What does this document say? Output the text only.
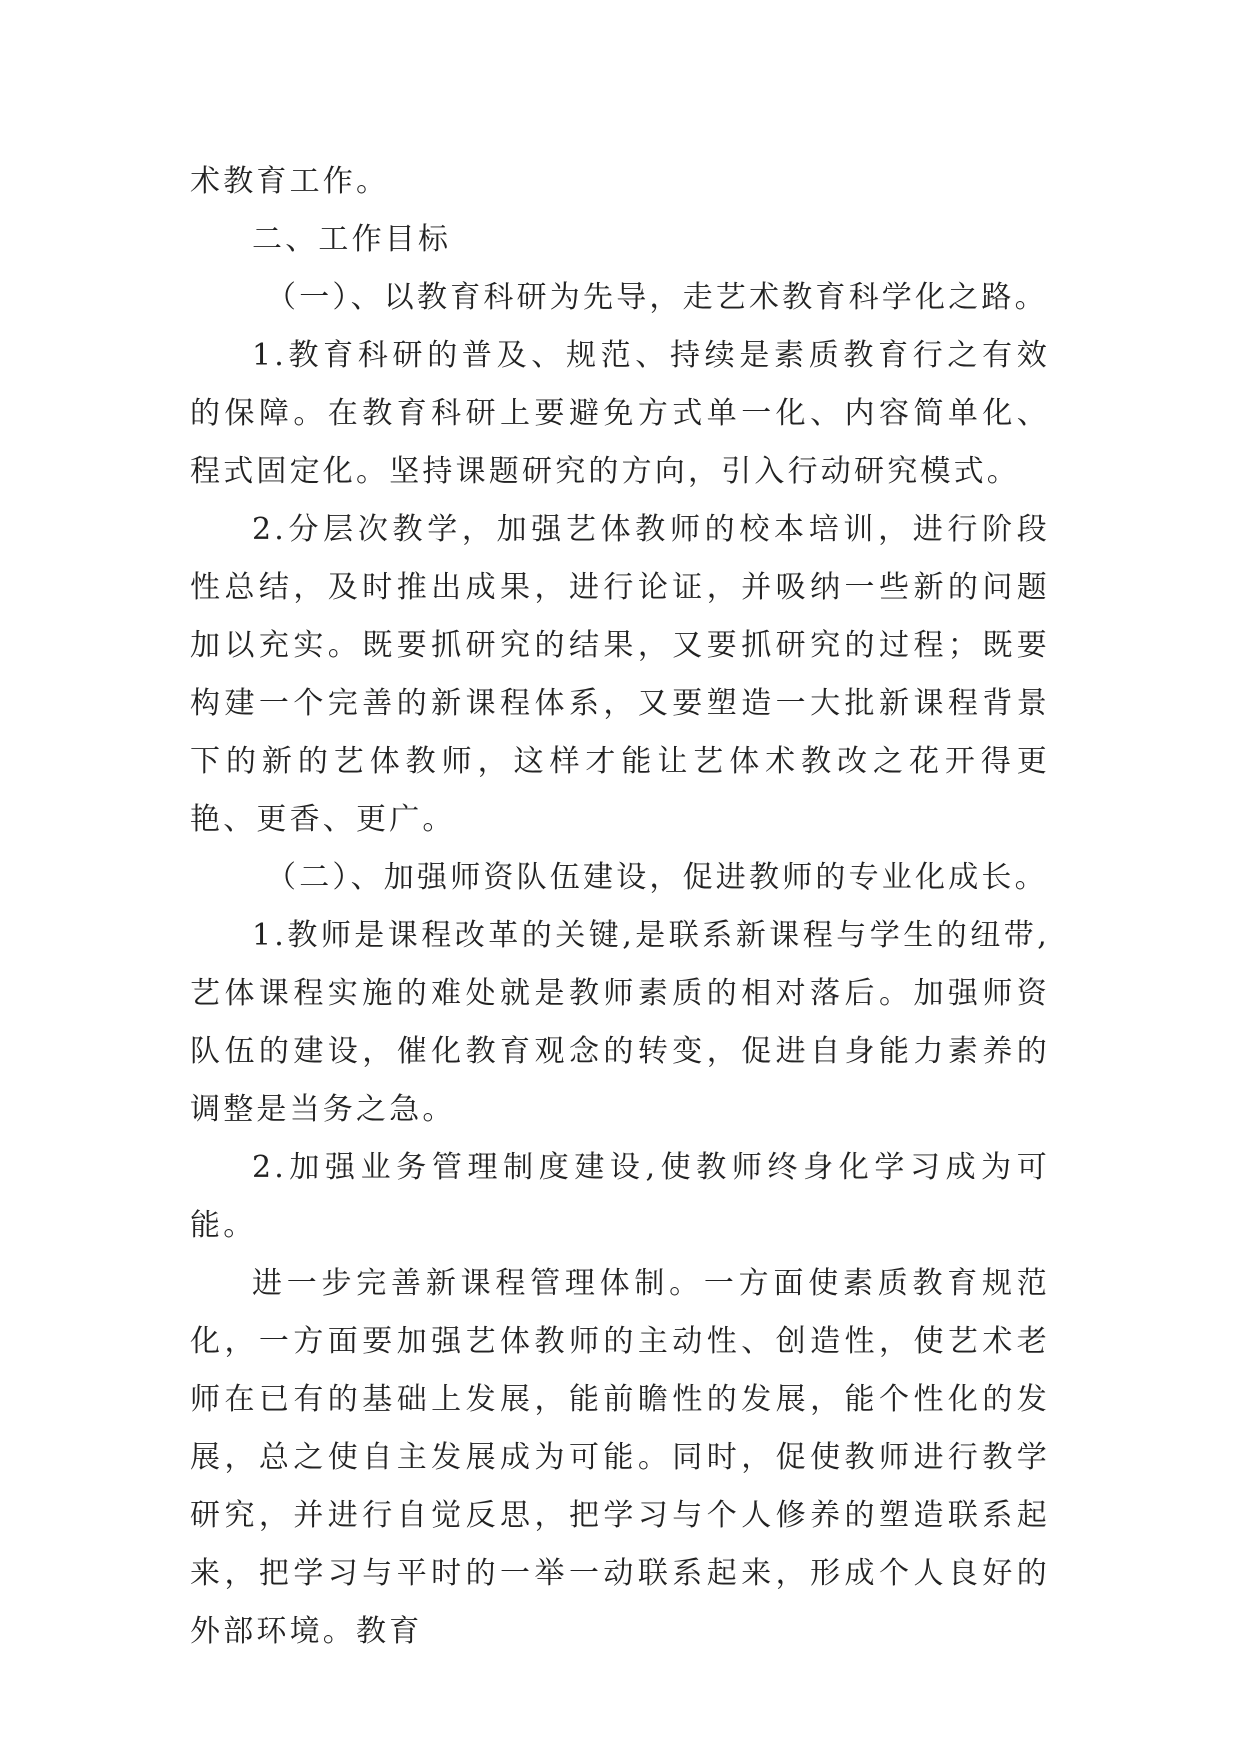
术教育工作。

二、工作目标

（一）、以教育科研为先导，走艺术教育科学化之路。

1.教育科研的普及、规范、持续是素质教育行之有效的保障。在教育科研上要避免方式单一化、内容简单化、程式固定化。坚持课题研究的方向，引入行动研究模式。

2.分层次教学，加强艺体教师的校本培训，进行阶段性总结，及时推出成果，进行论证，并吸纳一些新的问题加以充实。既要抓研究的结果，又要抓研究的过程；既要构建一个完善的新课程体系，又要塑造一大批新课程背景下的新的艺体教师，这样才能让艺体术教改之花开得更艳、更香、更广。

（二）、加强师资队伍建设，促进教师的专业化成长。

1.教师是课程改革的关键,是联系新课程与学生的纽带,艺体课程实施的难处就是教师素质的相对落后。加强师资队伍的建设，催化教育观念的转变，促进自身能力素养的调整是当务之急。

2.加强业务管理制度建设,使教师终身化学习成为可能。

进一步完善新课程管理体制。一方面使素质教育规范化，一方面要加强艺体教师的主动性、创造性，使艺术老师在已有的基础上发展，能前瞻性的发展，能个性化的发展，总之使自主发展成为可能。同时，促使教师进行教学研究，并进行自觉反思，把学习与个人修养的塑造联系起来，把学习与平时的一举一动联系起来，形成个人良好的外部环境。教育
